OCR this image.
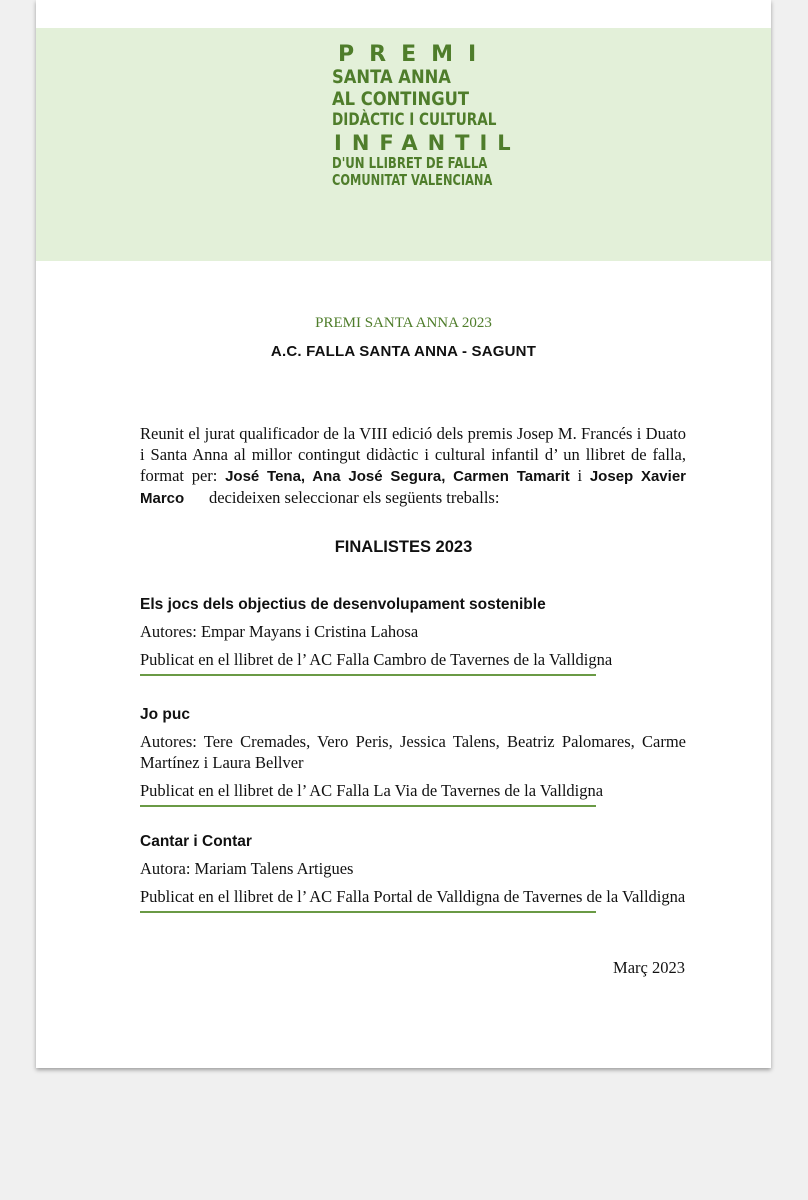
PREMI
SANTA ANNA
AL CONTINGUT
DIDÀCTIC I CULTURAL
INFANTIL
D'UN LLIBRET DE FALLA
COMUNITAT VALENCIANA
PREMI SANTA ANNA 2023
A.C. FALLA SANTA ANNA - SAGUNT
Reunit el jurat qualificador de la VIII edició dels premis Josep M. Francés i Duato i Santa Anna al millor contingut didàctic i cultural infantil d’ un llibret de falla, format per: José Tena, Ana José Segura, Carmen Tamarit i Josep Xavier Marco decideixen seleccionar els següents treballs:
FINALISTES 2023
Els jocs dels objectius de desenvolupament sostenible
Autores: Empar Mayans i Cristina Lahosa
Publicat en el llibret de l’ AC Falla Cambro de Tavernes de la Valldigna
Jo puc
Autores: Tere Cremades, Vero Peris, Jessica Talens, Beatriz Palomares, Carme Martínez i Laura Bellver
Publicat en el llibret de l’ AC Falla La Via de Tavernes de la Valldigna
Cantar i Contar
Autora: Mariam Talens Artigues
Publicat en el llibret de l’ AC Falla Portal de Valldigna de Tavernes de la Valldigna
Març 2023
